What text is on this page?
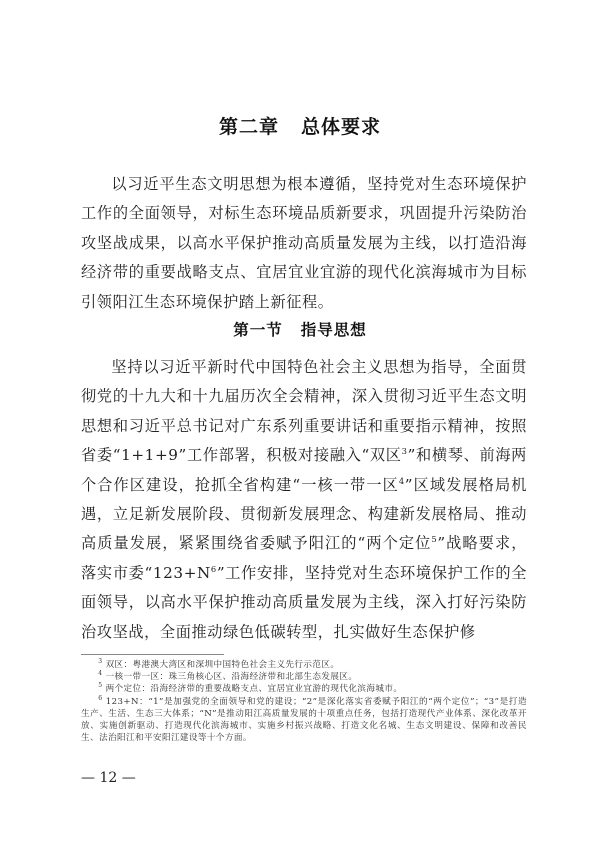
第二章 总体要求

以习近平生态文明思想为根本遵循，坚持党对生态环境保护工作的全面领导，对标生态环境品质新要求，巩固提升污染防治攻坚战成果，以高水平保护推动高质量发展为主线，以打造沿海经济带的重要战略支点、宜居宜业宜游的现代化滨海城市为目标引领阳江生态环境保护踏上新征程。

第一节 指导思想

坚持以习近平新时代中国特色社会主义思想为指导，全面贯彻党的十九大和十九届历次全会精神，深入贯彻习近平生态文明思想和习近平总书记对广东系列重要讲话和重要指示精神，按照省委“1+1+9”工作部署，积极对接融入“双区$^3$”和横琴、前海两个合作区建设，抢抓全省构建“一核一带一区$^4$”区域发展格局机遇，立足新发展阶段、贯彻新发展理念、构建新发展格局、推动高质量发展，紧紧围绕省委赋予阳江的“两个定位$^5$”战略要求，落实市委“$123+N^6$”工作安排，坚持党对生态环境保护工作的全面领导，以高水平保护推动高质量发展为主线，深入打好污染防治攻坚战，全面推动绿色低碳转型，扎实做好生态保护修

$^3$ 双区：粤港澳大湾区和深圳中国特色社会主义先行示范区。
$^4$ 一核一带一区：珠三角核心区、沿海经济带和北部生态发展区。
$^5$ 两个定位：沿海经济带的重要战略支点、宜居宜业宜游的现代化滨海城市。
$^6$ 123+N：“1”是加强党的全面领导和党的建设；“2”是深化落实省委赋予阳江的“两个定位”；“3”是打造生产、生活、生态三大体系；“N”是推动阳江高质量发展的十项重点任务，包括打造现代产业体系、深化改革开放、实施创新驱动、打造现代化滨海城市、实施乡村振兴战略、打造文化名城、生态文明建设、保障和改善民生、法治阳江和平安阳江建设等十个方面。
— 12 —
